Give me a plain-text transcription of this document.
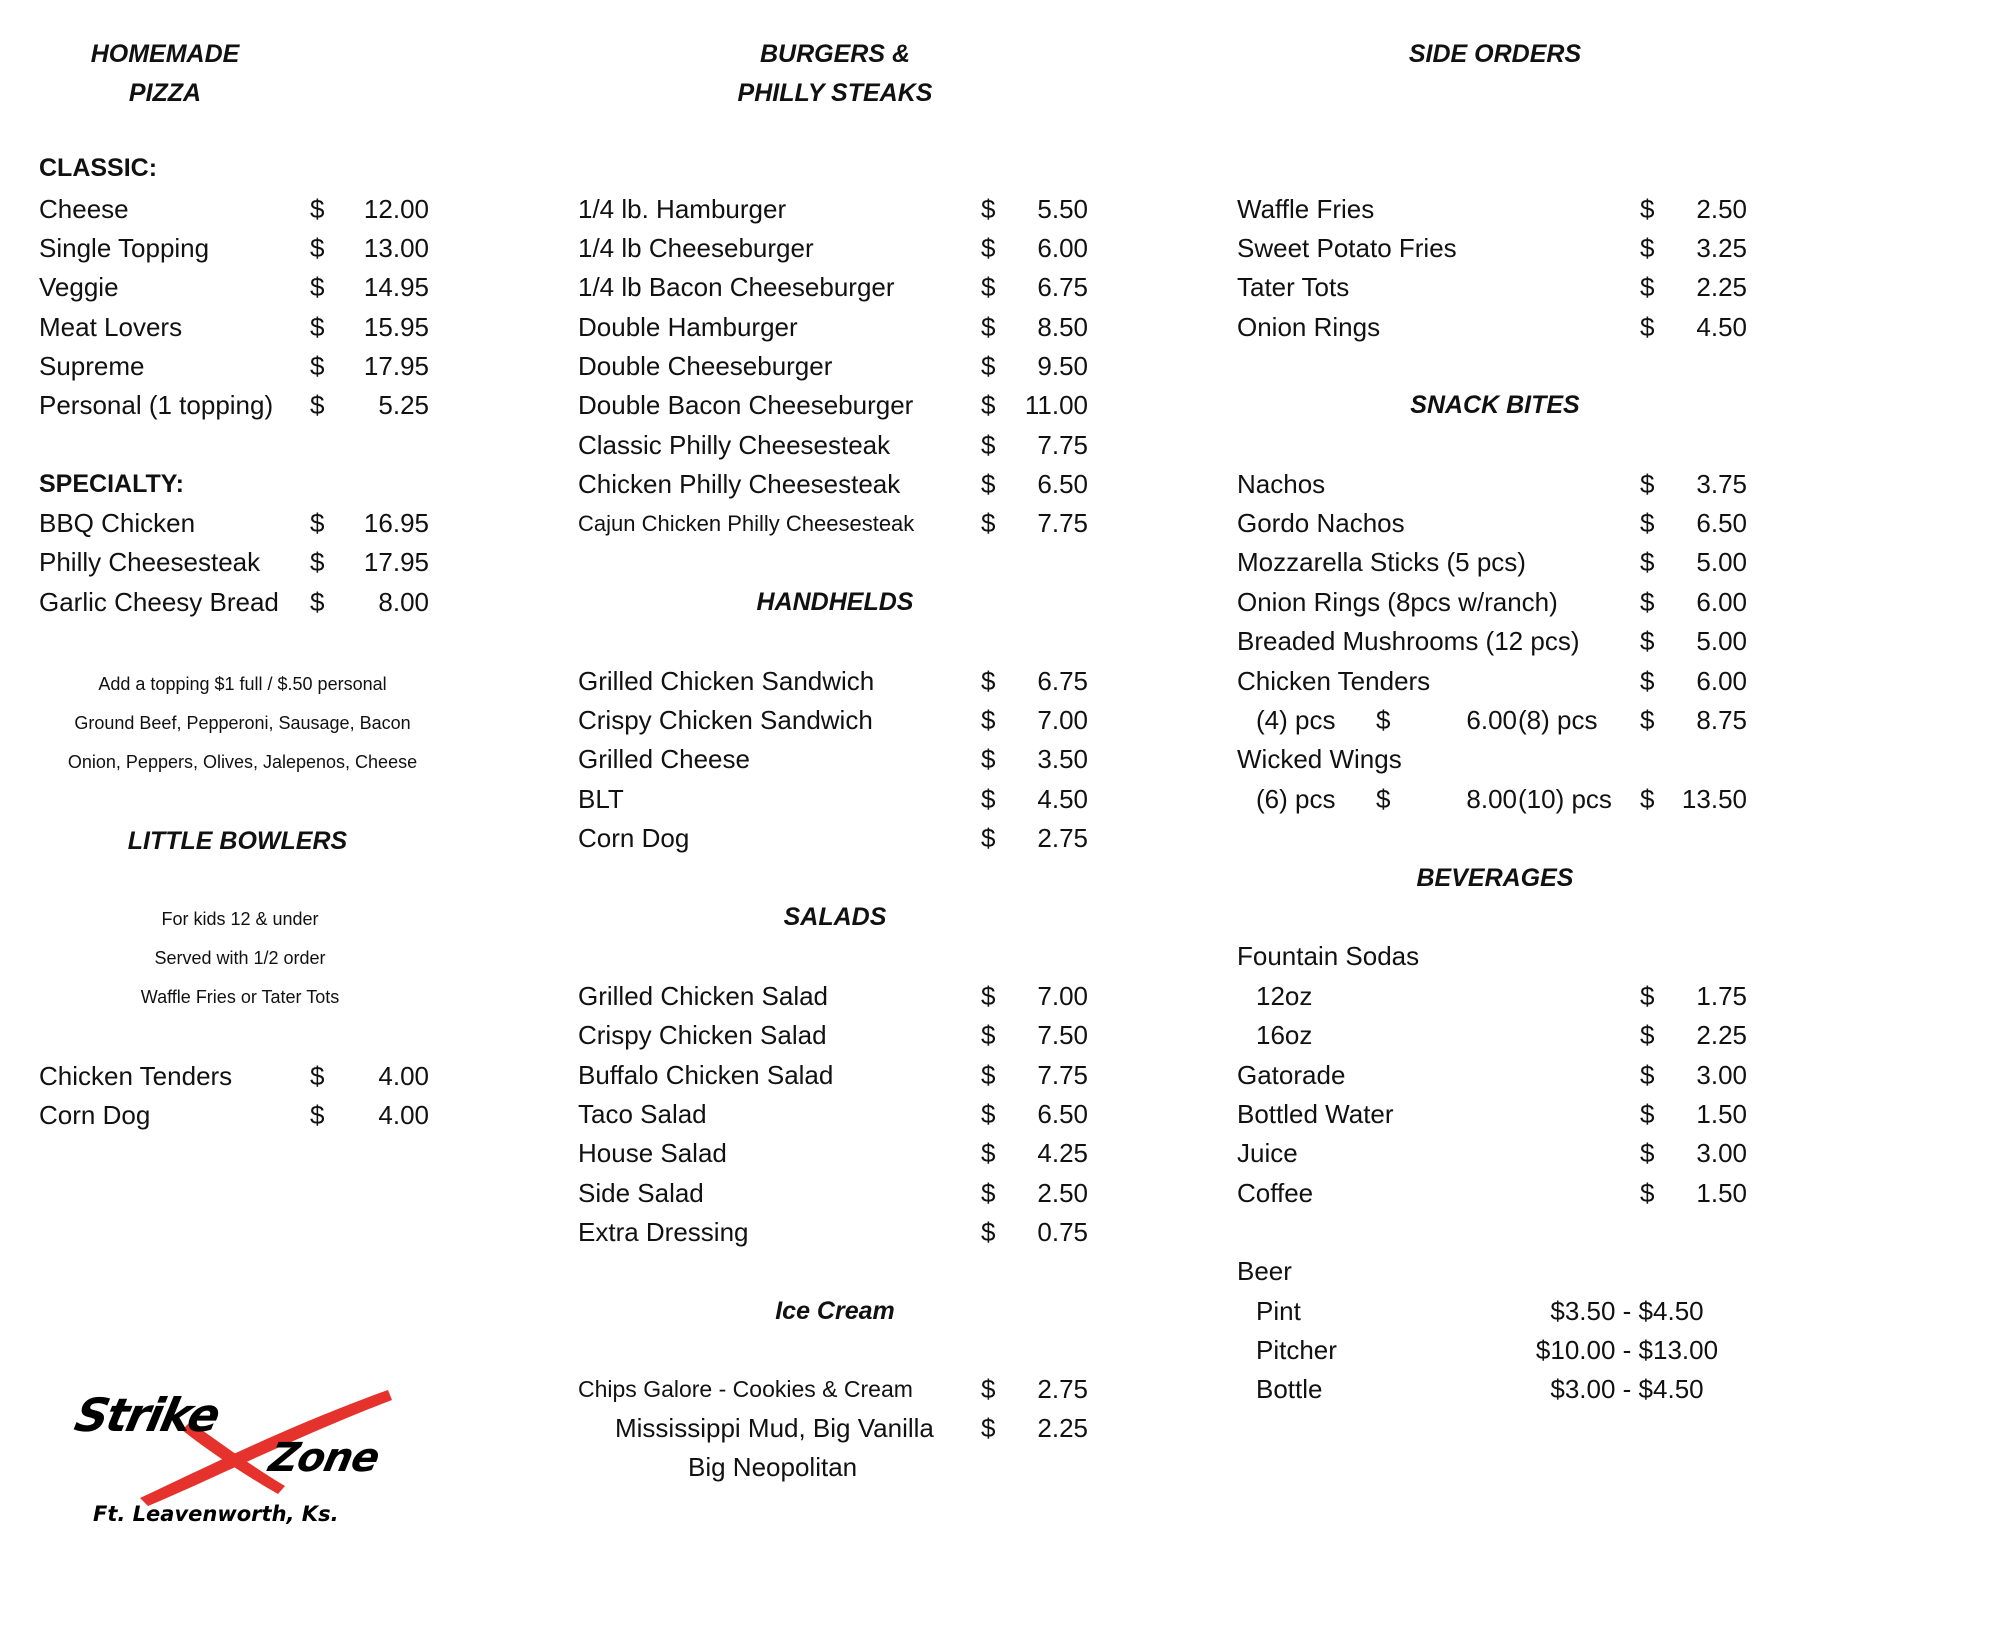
HOMEMADE
PIZZA
CLASSIC:
Cheese	$	12.00
Single Topping	$	13.00
Veggie	$	14.95
Meat Lovers	$	15.95
Supreme	$	17.95
Personal (1 topping) $	5.25
SPECIALTY:
BBQ Chicken	$	16.95
Philly Cheesesteak $	17.95
Garlic Cheesy Bread $	8.00
Add a topping $1 full / $.50 personal
Ground Beef, Pepperoni, Sausage, Bacon
Onion, Peppers, Olives, Jalepenos, Cheese
LITTLE BOWLERS
For kids 12 & under
Served with 1/2 order
Waffle Fries or Tater Tots
Chicken Tenders	$	4.00
Corn Dog	$	4.00
Strike
Zone
Ft. Leavenworth, Ks.
BURGERS &
PHILLY STEAKS
1/4 lb. Hamburger	$	5.50
1/4 lb Cheeseburger	$	6.00
1/4 lb Bacon Cheeseburger	$	6.75
Double Hamburger	$	8.50
Double Cheeseburger	$	9.50
Double Bacon Cheeseburger	$	11.00
Classic Philly Cheesesteak	$	7.75
Chicken Philly Cheesesteak	$	6.50
Cajun Chicken Philly Cheesesteak	$	7.75
HANDHELDS
Grilled Chicken Sandwich	$	6.75
Crispy Chicken Sandwich	$	7.00
Grilled Cheese	$	3.50
BLT	$	4.50
Corn Dog	$	2.75
SALADS
Grilled Chicken Salad	$	7.00
Crispy Chicken Salad	$	7.50
Buffalo Chicken Salad	$	7.75
Taco Salad	$	6.50
House Salad	$	4.25
Side Salad	$	2.50
Extra Dressing	$	0.75
Ice Cream
Chips Galore - Cookies & Cream	$	2.75
Mississippi Mud, Big Vanilla $	2.25
Big Neopolitan
SIDE ORDERS
Waffle Fries	$	2.50
Sweet Potato Fries	$	3.25
Tater Tots	$	2.25
Onion Rings	$	4.50
SNACK BITES
Nachos	$	3.75
Gordo Nachos	$	6.50
Mozzarella Sticks (5 pcs)	$	5.00
Onion Rings (8pcs w/ranch)	$	6.00
Breaded Mushrooms (12 pcs) $	5.00
Chicken Tenders	$	6.00
(4) pcs $	6.00 (8) pcs $	8.75
Wicked Wings
(6) pcs $	8.00 (10) pcs $	13.50
BEVERAGES
Fountain Sodas
12oz	$	1.75
16oz	$	2.25
Gatorade	$	3.00
Bottled Water	$	1.50
Juice	$	3.00
Coffee	$	1.50
Beer
Pint	$3.50 - $4.50
Pitcher	$10.00 - $13.00
Bottle	$3.00 - $4.50
